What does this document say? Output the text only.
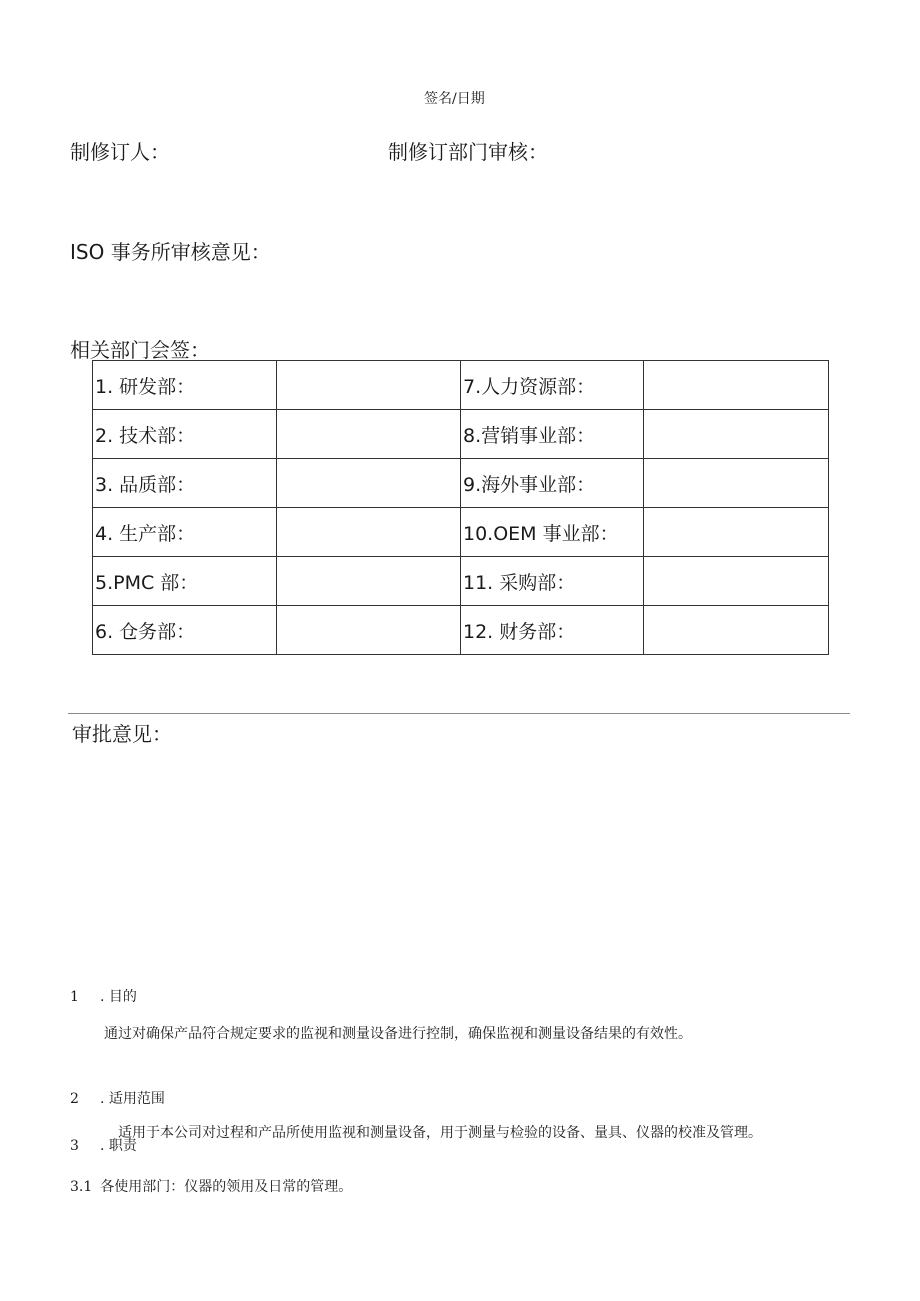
签名/日期
制修订人：	制修订部门审核：
ISO 事务所审核意见：
相关部门会签：
1. 研发部：		7.人力资源部：	
2. 技术部：		8.营销事业部：	
3. 品质部：		9.海外事业部：	
4. 生产部：		10.OEM 事业部：	
5.PMC 部：		11. 采购部：	
6. 仓务部：		12. 财务部：	
审批意见：
1 . 目的
通过对确保产品符合规定要求的监视和测量设备进行控制，确保监视和测量设备结果的有效性。
2 . 适用范围
适用于本公司对过程和产品所使用监视和测量设备，用于测量与检验的设备、量具、仪器的校准及管理。
3 . 职责
3.1 各使用部门：仪器的领用及日常的管理。
